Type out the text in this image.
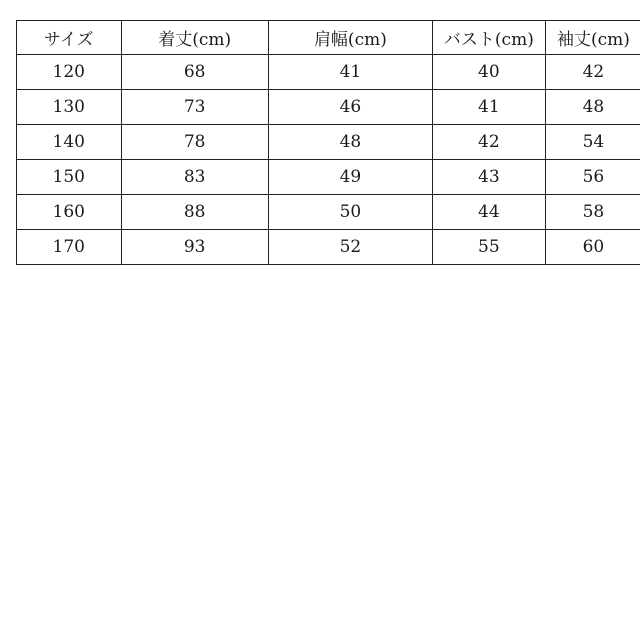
サイズ	着丈(cm)	肩幅(cm)	バスト(cm)	袖丈(cm)
120	68	41	40	42
130	73	46	41	48
140	78	48	42	54
150	83	49	43	56
160	88	50	44	58
170	93	52	55	60
